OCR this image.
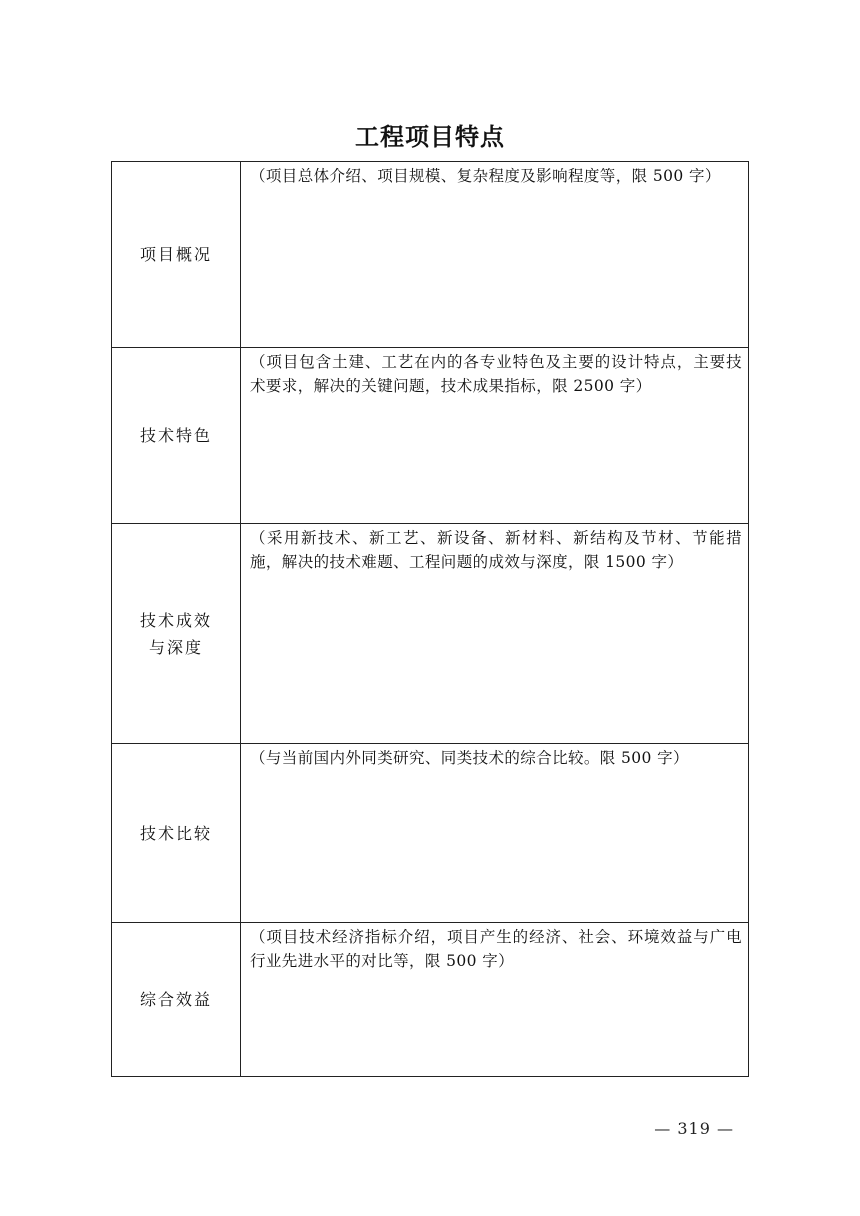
工程项目特点
项目概况	（项目总体介绍、项目规模、复杂程度及影响程度等，限 500 字）
技术特色	（项目包含土建、工艺在内的各专业特色及主要的设计特点，主要技术要求，解决的关键问题，技术成果指标，限 2500 字）

技术成效与深度	（采用新技术、新工艺、新设备、新材料、新结构及节材、节能措施，解决的技术难题、工程问题的成效与深度，限 1500 字）
技术比较	（与当前国内外同类研究、同类技术的综合比较。限 500 字）
综合效益	（项目技术经济指标介绍，项目产生的经济、社会、环境效益与广电行业先进水平的对比等，限 500 字）
— 319 —
